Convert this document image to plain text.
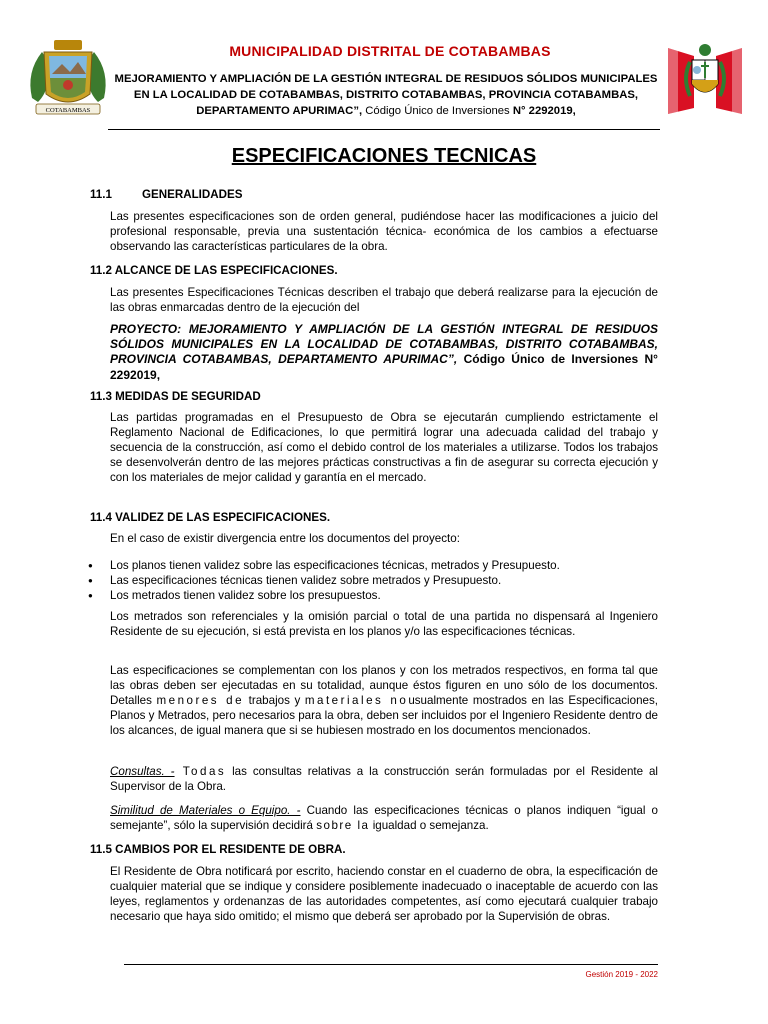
COTABAMBAS
MUNICIPALIDAD DISTRITAL DE COTABAMBAS
MEJORAMIENTO Y AMPLIACIÓN DE LA GESTIÓN INTEGRAL DE RESIDUOS SÓLIDOS MUNICIPALES EN LA LOCALIDAD DE COTABAMBAS, DISTRITO COTABAMBAS, PROVINCIA COTABAMBAS, DEPARTAMENTO APURIMAC”, Código Único de Inversiones N° 2292019,
ESPECIFICACIONES TECNICAS
11.1	GENERALIDADES
Las presentes especificaciones son de orden general, pudiéndose hacer las modificaciones a juicio del profesional responsable, previa una sustentación técnica- económica de los cambios a efectuarse observando las características particulares de la obra.
11.2 ALCANCE DE LAS ESPECIFICACIONES.
Las presentes Especificaciones Técnicas describen el trabajo que deberá realizarse para la ejecución de las obras enmarcadas dentro de la ejecución del
PROYECTO: MEJORAMIENTO Y AMPLIACIÓN DE LA GESTIÓN INTEGRAL DE RESIDUOS SÓLIDOS MUNICIPALES EN LA LOCALIDAD DE COTABAMBAS, DISTRITO COTABAMBAS, PROVINCIA COTABAMBAS, DEPARTAMENTO APURIMAC”, Código Único de Inversiones N° 2292019,
11.3 MEDIDAS DE SEGURIDAD
Las partidas programadas en el Presupuesto de Obra se ejecutarán cumpliendo estrictamente el Reglamento Nacional de Edificaciones, lo que permitirá lograr una adecuada calidad del trabajo y secuencia de la construcción, así como el debido control de los materiales a utilizarse. Todos los trabajos se desenvolverán dentro de las mejores prácticas constructivas a fin de asegurar su correcta ejecución y con los materiales de mejor calidad y garantía en el mercado.
11.4 VALIDEZ DE LAS ESPECIFICACIONES.
En el caso de existir divergencia entre los documentos del proyecto:
● Los planos tienen validez sobre las especificaciones técnicas, metrados y Presupuesto.
● Las especificaciones técnicas tienen validez sobre metrados y Presupuesto.
● Los metrados tienen validez sobre los presupuestos.
Los metrados son referenciales y la omisión parcial o total de una partida no dispensará al Ingeniero Residente de su ejecución, si está prevista en los planos y/o las especificaciones técnicas.
Las especificaciones se complementan con los planos y con los metrados respectivos, en forma tal que las obras deben ser ejecutadas en su totalidad, aunque éstos figuren en uno sólo de los documentos. Detalles menores de trabajos y materiales nousualmente mostrados en las Especificaciones, Planos y Metrados, pero necesarios para la obra, deben ser incluidos por el Ingeniero Residente dentro de los alcances, de igual manera que si se hubiesen mostrado en los documentos mencionados.
Consultas. - Todas las consultas relativas a la construcción serán formuladas por el Residente al Supervisor de la Obra.
Similitud de Materiales o Equipo. - Cuando las especificaciones técnicas o planos indiquen “igual o semejante”, sólo la supervisión decidirá sobre la igualdad o semejanza.
11.5 CAMBIOS POR EL RESIDENTE DE OBRA.
El Residente de Obra notificará por escrito, haciendo constar en el cuaderno de obra, la especificación de cualquier material que se indique y considere posiblemente inadecuado o inaceptable de acuerdo con las leyes, reglamentos y ordenanzas de las autoridades competentes, así como ejecutará cualquier trabajo necesario que haya sido omitido; el mismo que deberá ser aprobado por la Supervisión de obras.
Gestión 2019 - 2022
